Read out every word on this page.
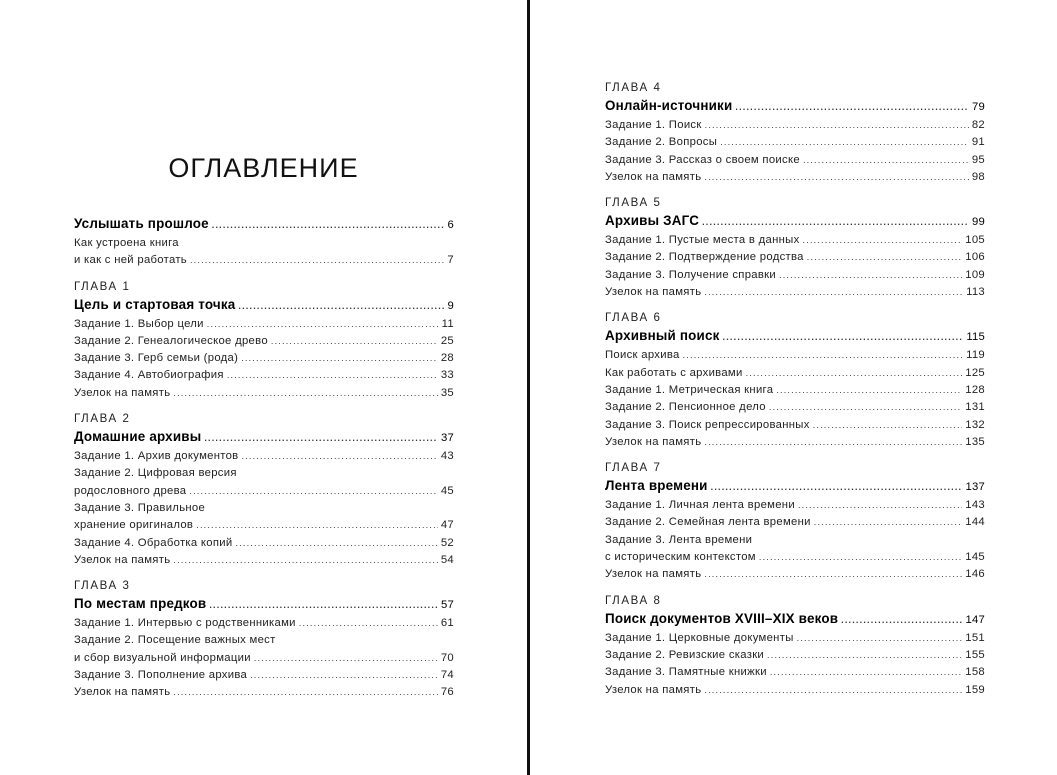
ОГЛАВЛЕНИЕ
Услышать прошлое .....	6
Как устроена книга
и как с ней работать .....	7
ГЛАВА 1
Цель и стартовая точка .....	9
Задание 1. Выбор цели .....	11
Задание 2. Генеалогическое древо .....	25
Задание 3. Герб семьи (рода) .....	28
Задание 4. Автобиография .....	33
Узелок на память .....	35
ГЛАВА 2
Домашние архивы .....	37
Задание 1. Архив документов .....	43
Задание 2. Цифровая версия
родословного древа .....	45
Задание 3. Правильное
хранение оригиналов .....	47
Задание 4. Обработка копий .....	52
Узелок на память .....	54
ГЛАВА 3
По местам предков .....	57
Задание 1. Интервью с родственниками .....	61
Задание 2. Посещение важных мест
и сбор визуальной информации .....	70
Задание 3. Пополнение архива .....	74
Узелок на память .....	76
ГЛАВА 4
Онлайн-источники .....	79
Задание 1. Поиск .....	82
Задание 2. Вопросы .....	91
Задание 3. Рассказ о своем поиске .....	95
Узелок на память .....	98
ГЛАВА 5
Архивы ЗАГС .....	99
Задание 1. Пустые места в данных .....	105
Задание 2. Подтверждение родства .....	106
Задание 3. Получение справки .....	109
Узелок на память .....	113
ГЛАВА 6
Архивный поиск .....	115
Поиск архива .....	119
Как работать с архивами .....	125
Задание 1. Метрическая книга .....	128
Задание 2. Пенсионное дело .....	131
Задание 3. Поиск репрессированных .....	132
Узелок на память .....	135
ГЛАВА 7
Лента времени .....	137
Задание 1. Личная лента времени .....	143
Задание 2. Семейная лента времени .....	144
Задание 3. Лента времени
с историческим контекстом .....	145
Узелок на память .....	146
ГЛАВА 8
Поиск документов XVIII–XIX веков .....	147
Задание 1. Церковные документы .....	151
Задание 2. Ревизские сказки .....	155
Задание 3. Памятные книжки .....	158
Узелок на память .....	159
